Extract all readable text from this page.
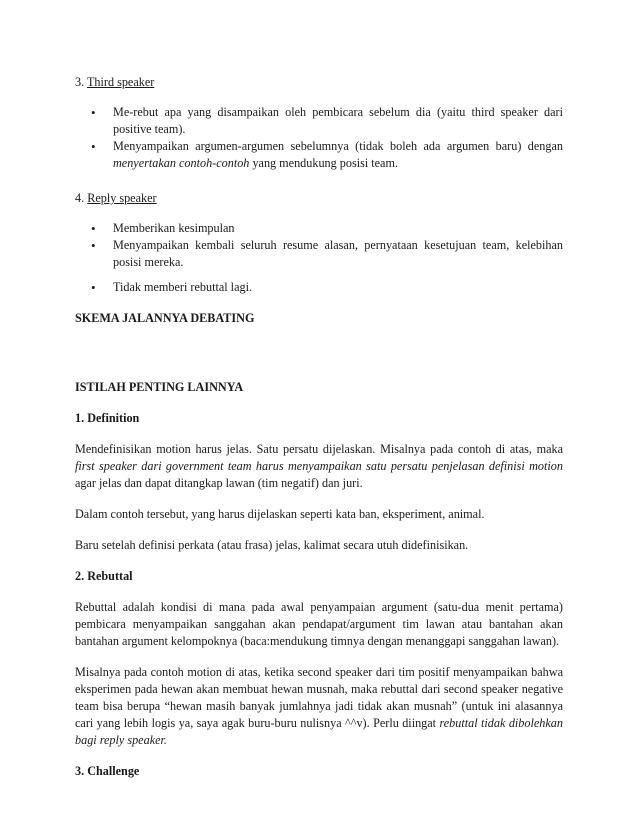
3. Third speaker

• Me-rebut apa yang disampaikan oleh pembicara sebelum dia (yaitu third speaker dari positive team).
• Menyampaikan argumen-argumen sebelumnya (tidak boleh ada argumen baru) dengan menyertakan contoh-contoh yang mendukung posisi team.

4. Reply speaker

• Memberikan kesimpulan
• Menyampaikan kembali seluruh resume alasan, pernyataan kesetujuan team, kelebihan posisi mereka.
• Tidak memberi rebuttal lagi.

SKEMA JALANNYA DEBATING

ISTILAH PENTING LAINNYA

1. Definition

Mendefinisikan motion harus jelas. Satu persatu dijelaskan. Misalnya pada contoh di atas, maka first speaker dari government team harus menyampaikan satu persatu penjelasan definisi motion agar jelas dan dapat ditangkap lawan (tim negatif) dan juri.

Dalam contoh tersebut, yang harus dijelaskan seperti kata ban, eksperiment, animal.

Baru setelah definisi perkata (atau frasa) jelas, kalimat secara utuh didefinisikan.

2. Rebuttal

Rebuttal adalah kondisi di mana pada awal penyampaian argument (satu-dua menit pertama) pembicara menyampaikan sanggahan akan pendapat/argument tim lawan atau bantahan akan bantahan argument kelompoknya (baca:mendukung timnya dengan menanggapi sanggahan lawan).

Misalnya pada contoh motion di atas, ketika second speaker dari tim positif menyampaikan bahwa eksperimen pada hewan akan membuat hewan musnah, maka rebuttal dari second speaker negative team bisa berupa “hewan masih banyak jumlahnya jadi tidak akan musnah” (untuk ini alasannya cari yang lebih logis ya, saya agak buru-buru nulisnya ^^v). Perlu diingat rebuttal tidak dibolehkan bagi reply speaker.

3. Challenge
